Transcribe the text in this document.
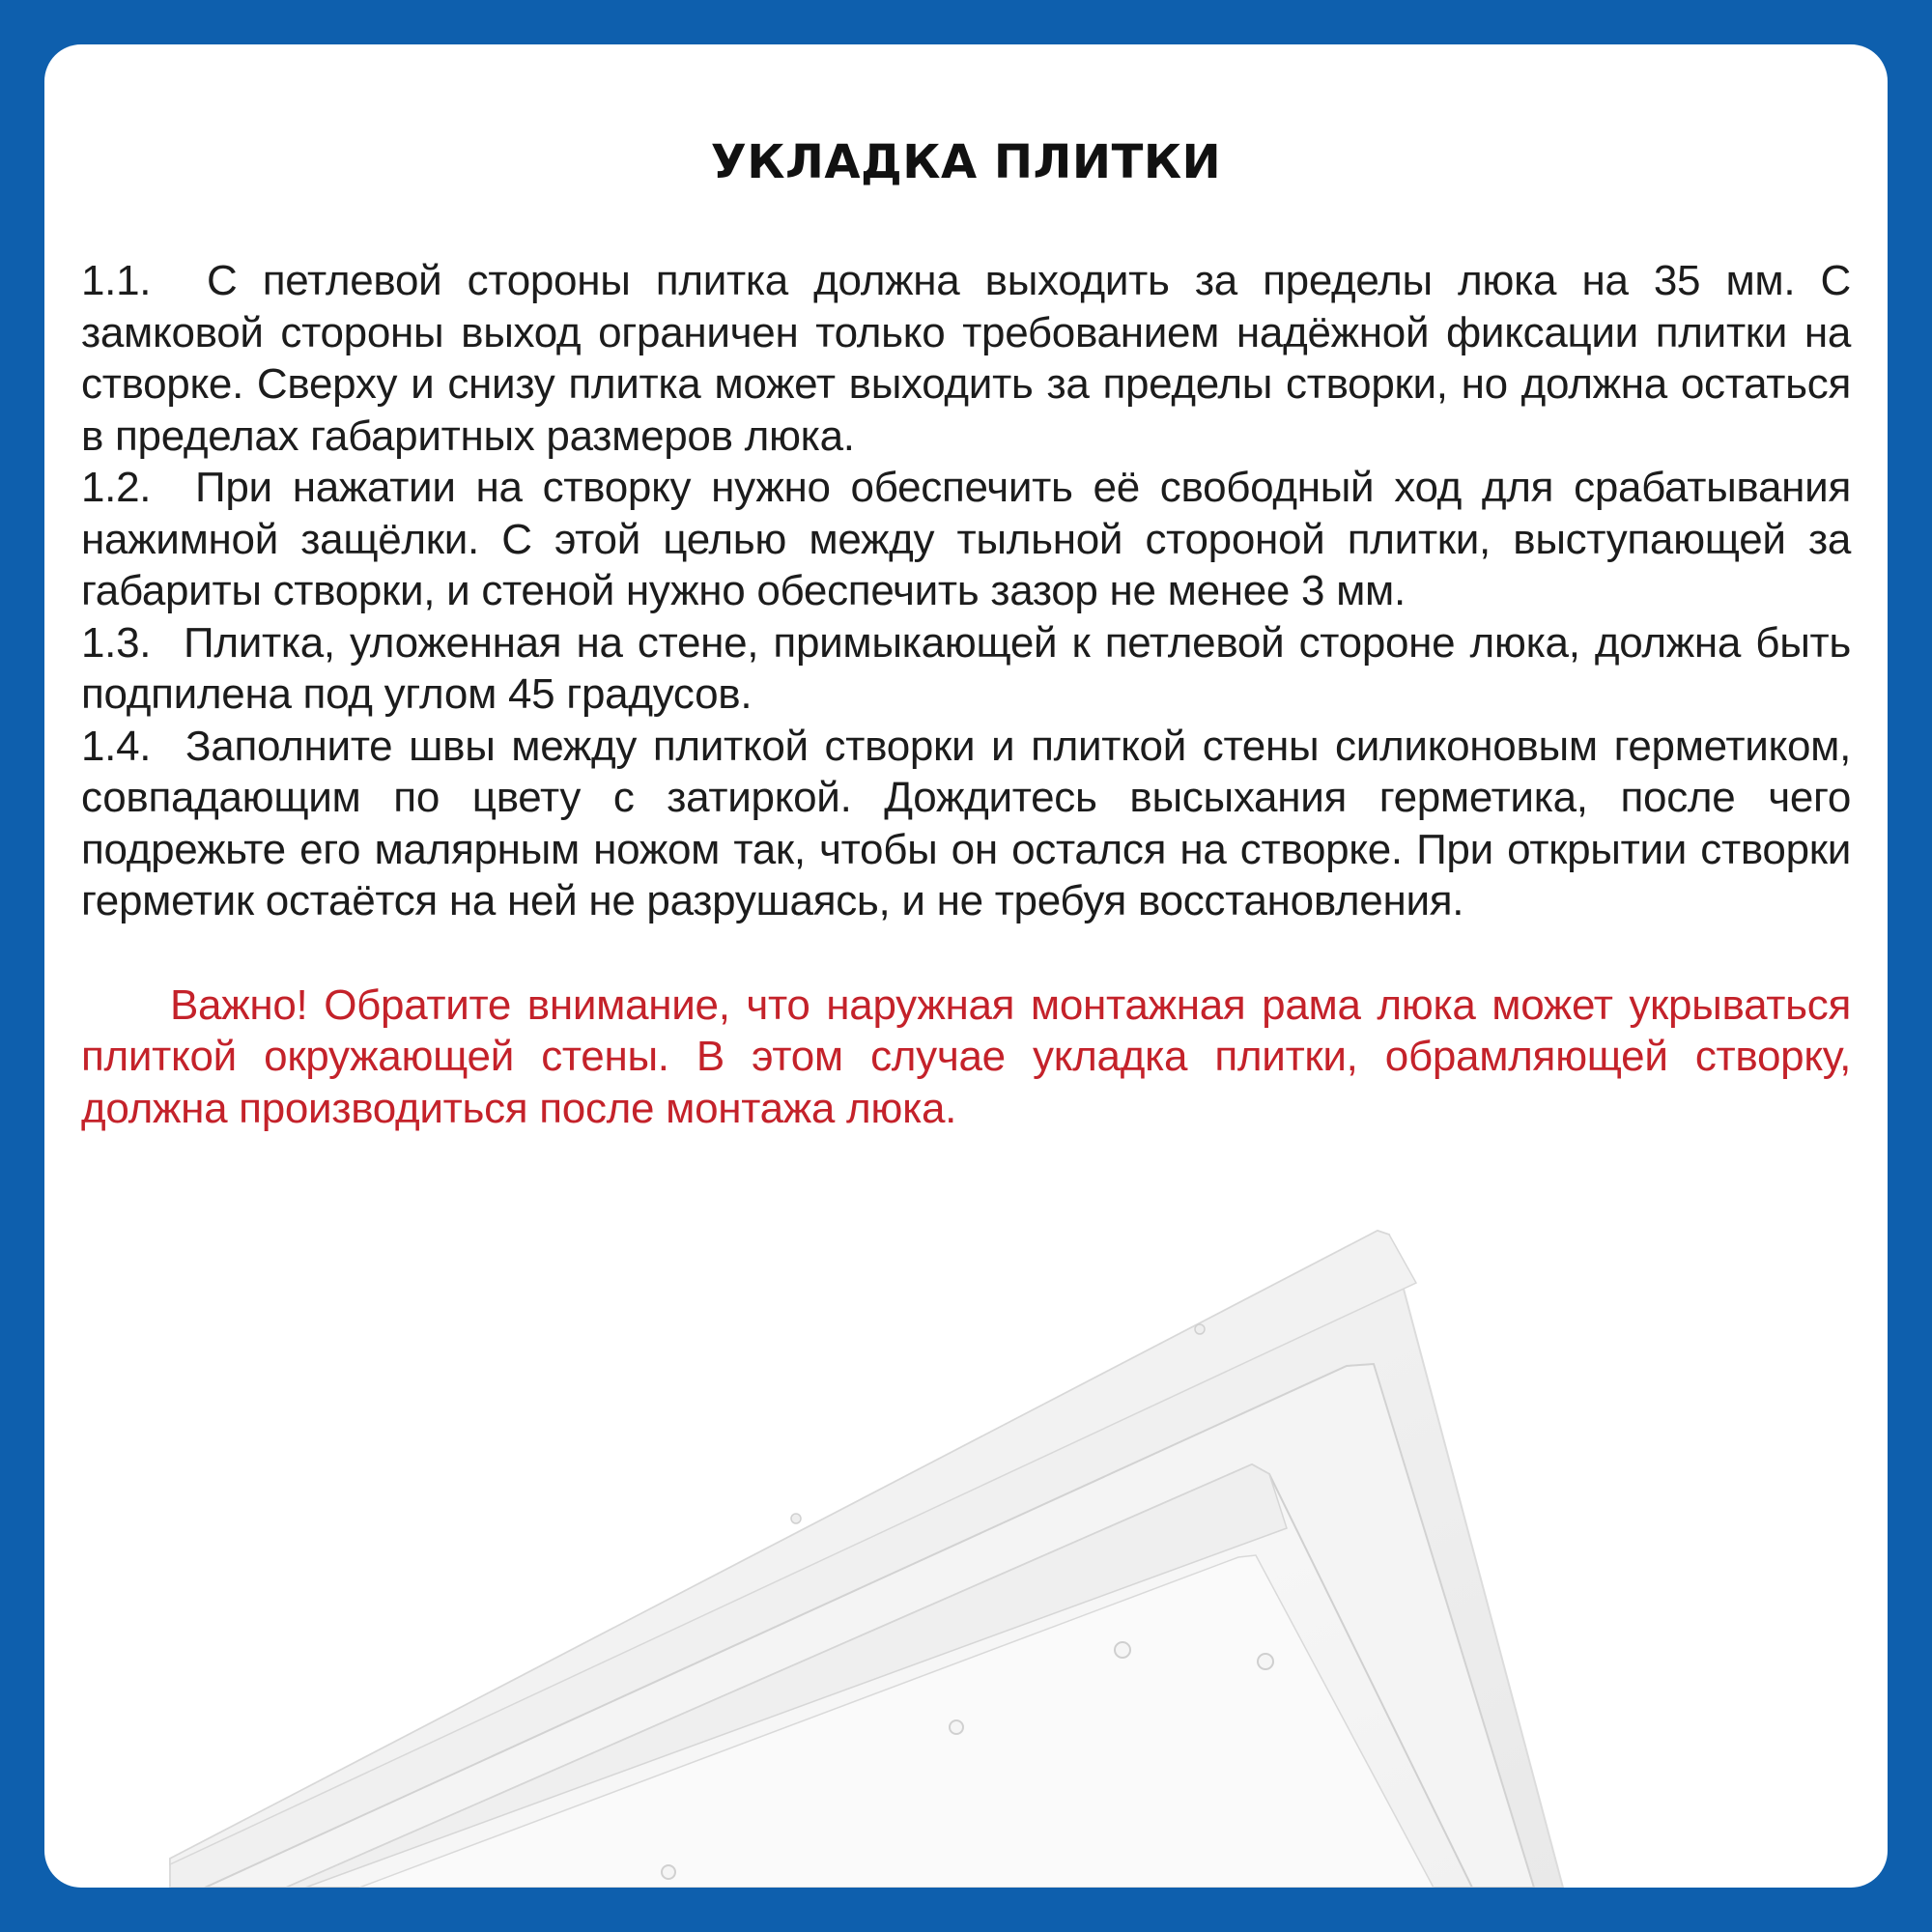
УКЛАДКА ПЛИТКИ

1.1. С петлевой стороны плитка должна выходить за пределы люка на 35 мм. С замковой стороны выход ограничен только требованием надёжной фиксации плитки на створке. Сверху и снизу плитка может выходить за пределы створки, но должна остаться в пределах габаритных размеров люка.

1.2. При нажатии на створку нужно обеспечить её свободный ход для срабатывания нажимной защёлки. С этой целью между тыльной стороной плитки, выступающей за габариты створки, и стеной нужно обеспечить зазор не менее 3 мм.

1.3. Плитка, уложенная на стене, примыкающей к петлевой стороне люка, должна быть подпилена под углом 45 градусов.

1.4. Заполните швы между плиткой створки и плиткой стены силиконовым герметиком, совпадающим по цвету с затиркой. Дождитесь высыхания герметика, после чего подрежьте его малярным ножом так, чтобы он остался на створке. При открытии створки герметик остаётся на ней не разрушаясь, и не требуя восстановления.

Важно! Обратите внимание, что наружная монтажная рама люка может укрываться плиткой окружающей стены. В этом случае укладка плитки, обрамляющей створку, должна производиться после монтажа люка.
